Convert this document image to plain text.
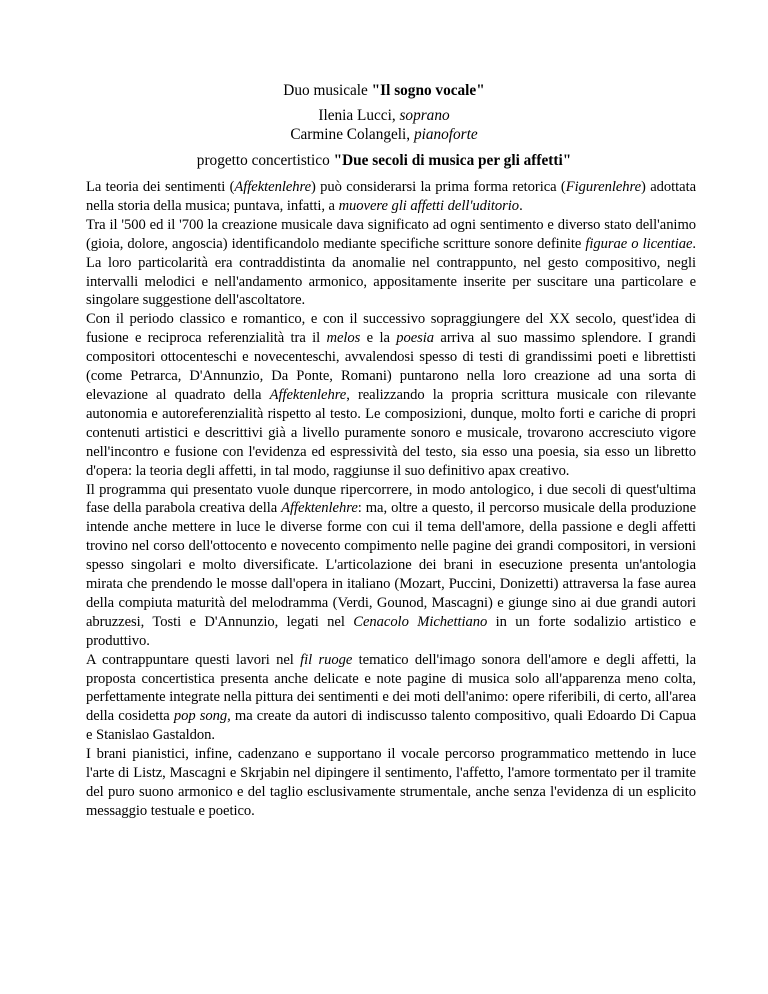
Duo musicale "Il sogno vocale"

Ilenia Lucci, soprano

Carmine Colangeli, pianoforte

progetto concertistico "Due secoli di musica per gli affetti"

La teoria dei sentimenti (Affektenlehre) può considerarsi la prima forma retorica (Figurenlehre) adottata nella storia della musica; puntava, infatti, a muovere gli affetti dell'uditorio.

Tra il '500 ed il '700 la creazione musicale dava significato ad ogni sentimento e diverso stato dell'animo (gioia, dolore, angoscia) identificandolo mediante specifiche scritture sonore definite figurae o licentiae. La loro particolarità era contraddistinta da anomalie nel contrappunto, nel gesto compositivo, negli intervalli melodici e nell'andamento armonico, appositamente inserite per suscitare una particolare e singolare suggestione dell'ascoltatore.

Con il periodo classico e romantico, e con il successivo sopraggiungere del XX secolo, quest'idea di fusione e reciproca referenzialità tra il melos e la poesia arriva al suo massimo splendore. I grandi compositori ottocenteschi e novecenteschi, avvalendosi spesso di testi di grandissimi poeti e librettisti (come Petrarca, D'Annunzio, Da Ponte, Romani) puntarono nella loro creazione ad una sorta di elevazione al quadrato della Affektenlehre, realizzando la propria scrittura musicale con rilevante autonomia e autoreferenzialità rispetto al testo. Le composizioni, dunque, molto forti e cariche di propri contenuti artistici e descrittivi già a livello puramente sonoro e musicale, trovarono accresciuto vigore nell'incontro e fusione con l'evidenza ed espressività del testo, sia esso una poesia, sia esso un libretto d'opera: la teoria degli affetti, in tal modo, raggiunse il suo definitivo apax creativo.

Il programma qui presentato vuole dunque ripercorrere, in modo antologico, i due secoli di quest'ultima fase della parabola creativa della Affektenlehre: ma, oltre a questo, il percorso musicale della produzione intende anche mettere in luce le diverse forme con cui il tema dell'amore, della passione e degli affetti trovino nel corso dell'ottocento e novecento compimento nelle pagine dei grandi compositori, in versioni spesso singolari e molto diversificate. L'articolazione dei brani in esecuzione presenta un'antologia mirata che prendendo le mosse dall'opera in italiano (Mozart, Puccini, Donizetti) attraversa la fase aurea della compiuta maturità del melodramma (Verdi, Gounod, Mascagni) e giunge sino ai due grandi autori abruzzesi, Tosti e D'Annunzio, legati nel Cenacolo Michettiano in un forte sodalizio artistico e produttivo.

A contrappuntare questi lavori nel fil ruoge tematico dell'imago sonora dell'amore e degli affetti, la proposta concertistica presenta anche delicate e note pagine di musica solo all'apparenza meno colta, perfettamente integrate nella pittura dei sentimenti e dei moti dell'animo: opere riferibili, di certo, all'area della cosidetta pop song, ma create da autori di indiscusso talento compositivo, quali Edoardo Di Capua e Stanislao Gastaldon.

I brani pianistici, infine, cadenzano e supportano il vocale percorso programmatico mettendo in luce l'arte di Listz, Mascagni e Skrjabin nel dipingere il sentimento, l'affetto, l'amore tormentato per il tramite del puro suono armonico e del taglio esclusivamente strumentale, anche senza l'evidenza di un esplicito messaggio testuale e poetico.
